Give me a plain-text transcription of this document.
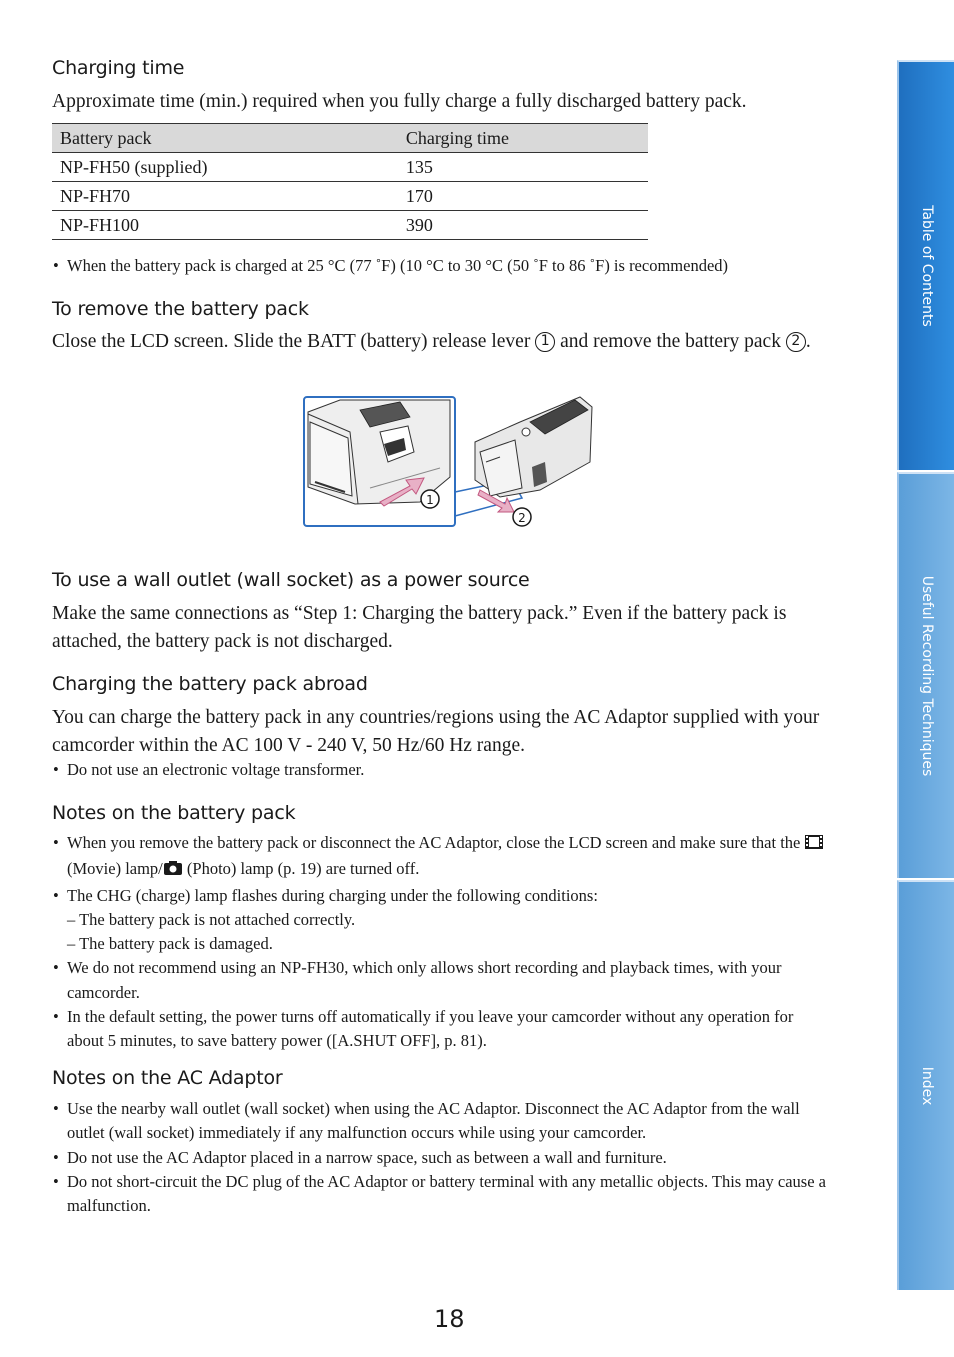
Charging time

Approximate time (min.) required when you fully charge a fully discharged battery pack.

Battery pack	Charging time
NP-FH50 (supplied)	135
NP-FH70	170
NP-FH100	390
• When the battery pack is charged at 25 °C (77 ˚F) (10 °C to 30 °C (50 ˚F to 86 ˚F) is recommended)
To remove the battery pack

Close the LCD screen. Slide the BATT (battery) release lever 1 and remove the battery pack 2 .

1
2
To use a wall outlet (wall socket) as a power source

Make the same connections as “Step 1: Charging the battery pack.” Even if the battery pack is attached, the battery pack is not discharged.

Charging the battery pack abroad

You can charge the battery pack in any countries/regions using the AC Adaptor supplied with your camcorder within the AC 100 V - 240 V, 50 Hz/60 Hz range.

• Do not use an electronic voltage transformer.
Notes on the battery pack
• When you remove the battery pack or disconnect the AC Adaptor, close the LCD screen and make sure that the  (Movie) lamp/ (Photo) lamp (p. 19) are turned off.
• The CHG (charge) lamp flashes during charging under the following conditions:
– The battery pack is not attached correctly.
– The battery pack is damaged.
• We do not recommend using an NP-FH30, which only allows short recording and playback times, with your camcorder.
• In the default setting, the power turns off automatically if you leave your camcorder without any operation for about 5 minutes, to save battery power ([A.SHUT OFF], p. 81).
Notes on the AC Adaptor
• Use the nearby wall outlet (wall socket) when using the AC Adaptor. Disconnect the AC Adaptor from the wall outlet (wall socket) immediately if any malfunction occurs while using your camcorder.
• Do not use the AC Adaptor placed in a narrow space, such as between a wall and furniture.
• Do not short-circuit the DC plug of the AC Adaptor or battery terminal with any metallic objects. This may cause a malfunction.
Table of Contents
Useful Recording Techniques
Index
18
